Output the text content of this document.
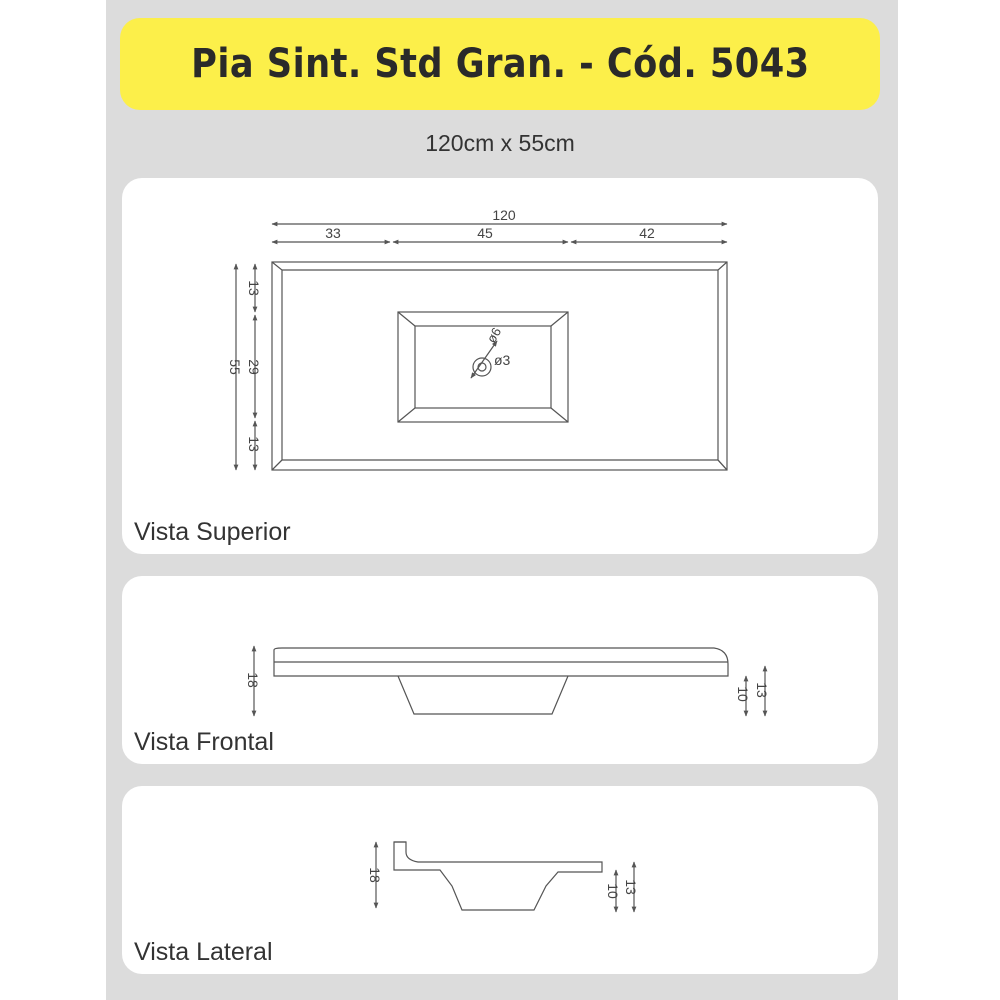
Pia Sint. Std Gran. - Cód. 5043
120cm x 55cm
120
33	45	42
55
13
29
13
ø6
ø3
Vista Superior
18
10 13
Vista Frontal
18
10 13
Vista Lateral
